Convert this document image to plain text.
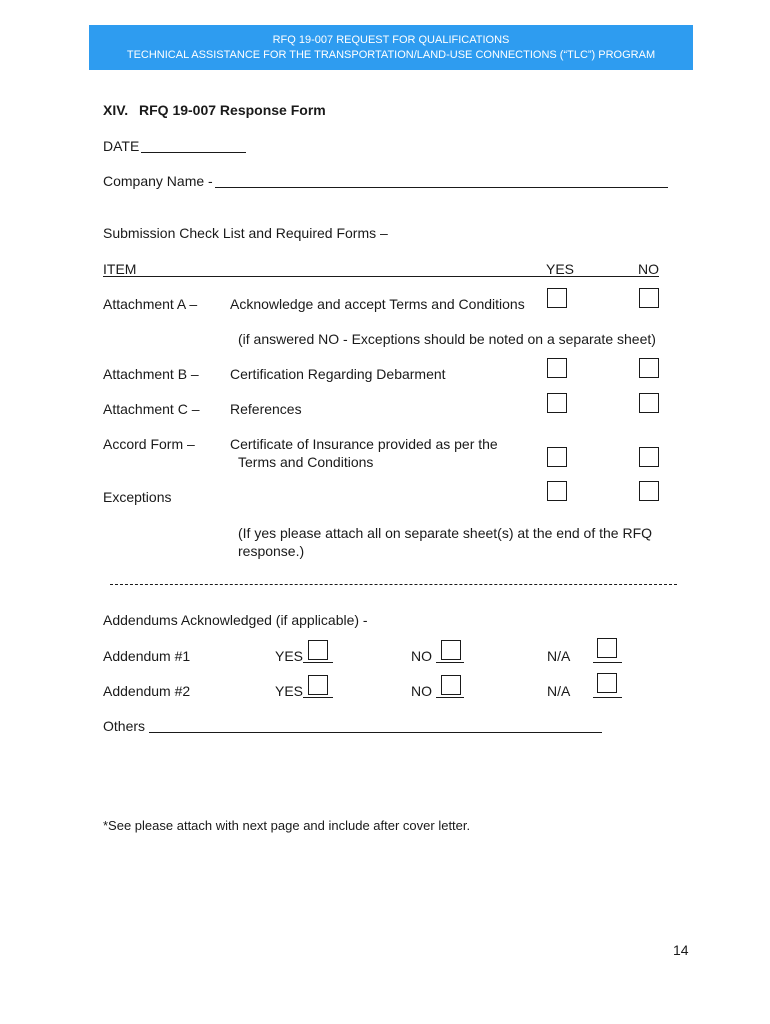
RFQ 19-007 REQUEST FOR QUALIFICATIONS
TECHNICAL ASSISTANCE FOR THE TRANSPORTATION/LAND-USE CONNECTIONS (“TLC”) PROGRAM
XIV. RFQ 19-007 Response Form
DATE
Company Name -
Submission Check List and Required Forms –
ITEM	YES	NO
Attachment A – Acknowledge and accept Terms and Conditions
(if answered NO - Exceptions should be noted on a separate sheet)
Attachment B – Certification Regarding Debarment
Attachment C – References
Accord Form –	Certificate of Insurance provided as per the
Terms and Conditions
Exceptions
(If yes please attach all on separate sheet(s) at the end of the RFQ
response.)
Addendums Acknowledged (if applicable) -
Addendum #1	YES	NO	N/A
Addendum #2	YES	NO	N/A
Others
*See please attach with next page and include after cover letter.
14
